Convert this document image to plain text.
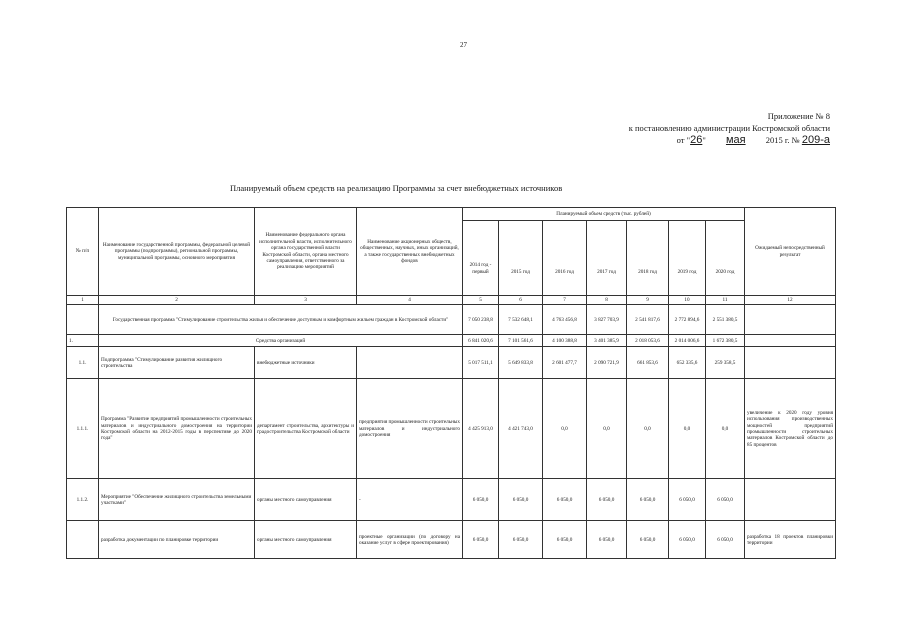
27
Приложение № 8
к постановлению администрации Костромской области
от "26" мая 2015 г. № 209-а
Планируемый объем средств на реализацию Программы за счет внебюджетных источников
№ п/п	Наименование государственной программы, федеральной целевой программы (подпрограммы), региональной программы, муниципальной программы, основного мероприятия	Наименование федерального органа исполнительной власти, исполнительного органа государственной власти Костромской области, органа местного самоуправления, ответственного за реализацию мероприятий	Наименование акционерных обществ, общественных, научных, иных организаций, а также государственных внебюджетных фондов	Планируемый объем средств (тыс. рублей)							Ожидаемый непосредственный результат
				2014 год - первый	2015 год	2016 год	2017 год	2018 год	2019 год	2020 год	
1	2	3	4	5	6	7	8	9	10	11	12
	Государственная программа "Стимулирование строительства жилья и обеспечение доступным и комфортным жильем граждан в Костромской области"			7 050 238,8	7 532 648,1	4 763 456,8	3 827 703,9	2 541 817,6	2 772 894,6	2 551 380,5	
1.	Средства организаций			6 841 020,6	7 101 561,6	4 100 388,8	3 401 385,9	2 018 053,6	2 014 006,6	1 672 380,5	
1.1.	Подпрограмма "Стимулирование развития жилищного строительства	внебюджетные источники		5 017 511,1	5 649 833,8	2 601 477,7	2 090 721,9	661 853,6	652 335,6	259 358,5	
1.1.1.	Программа "Развитие предприятий промышленности строительных материалов и индустриального домостроения на территории Костромской области на 2012-2015 годы в перспективе до 2020 года"	департамент строительства, архитектуры и градостроительства Костромской области	предприятия промышленности строительных материалов и индустриального домостроения	4 425 913,0	4 421 743,0	0,0	0,0	0,0	0,0	0,0	увеличение к 2020 году уровня использования производственных мощностей предприятий промышленности строительных материалов Костромской области до 85 процентов
1.1.2.	Мероприятие "Обеспечение жилищного строительства земельными участками"	органы местного самоуправления	-	6 050,0	6 050,0	6 050,0	6 050,0	6 050,0	6 050,0	6 050,0	
	разработка документации по планировке территории	органы местного самоуправления	проектные организации (по договору на оказание услуг в сфере проектирования)	6 050,0	6 050,0	6 050,0	6 050,0	6 050,0	6 050,0	6 050,0	разработка 18 проектов планировки территории
